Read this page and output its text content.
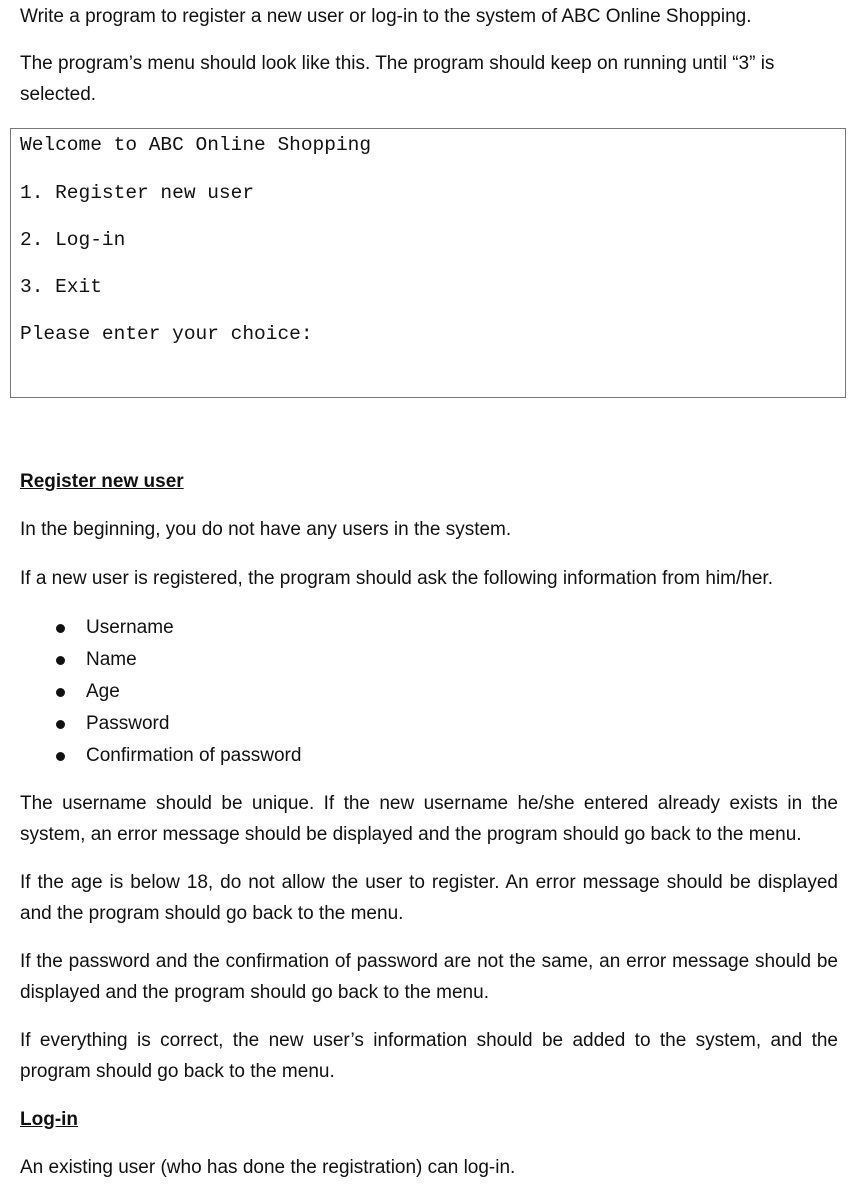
Write a program to register a new user or log-in to the system of ABC Online Shopping.

The program’s menu should look like this. The program should keep on running until “3” is selected.

Welcome to ABC Online Shopping
1. Register new user
2. Log-in
3. Exit
Please enter your choice:

Register new user

In the beginning, you do not have any users in the system.

If a new user is registered, the program should ask the following information from him/her.

Username
Name
Age
Password
Confirmation of password

The username should be unique. If the new username he/she entered already exists in the system, an error message should be displayed and the program should go back to the menu.

If the age is below 18, do not allow the user to register. An error message should be displayed and the program should go back to the menu.

If the password and the confirmation of password are not the same, an error message should be displayed and the program should go back to the menu.

If everything is correct, the new user’s information should be added to the system, and the program should go back to the menu.

Log-in

An existing user (who has done the registration) can log-in.
